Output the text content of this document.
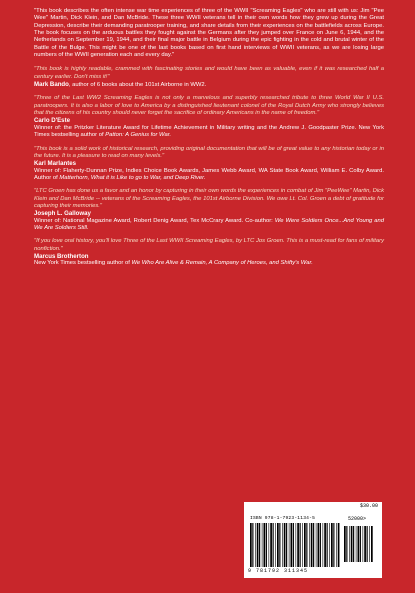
"This book describes the often intense war time experiences of three of the WWII "Screaming Eagles" who are still with us: Jim "Pee Wee" Martin, Dick Klein, and Dan McBride. These three WWII veterans tell in their own words how they grew up during the Great Depression, describe their demanding paratrooper training, and share details from their experiences on the battlefields across Europe. The book focuses on the arduous battles they fought against the Germans after they jumped over France on June 6, 1944, and the Netherlands on September 19, 1944, and their final major battle in Belgium during the epic fighting in the cold and brutal winter of the Battle of the Bulge. This might be one of the last books based on first hand interviews of WWII veterans, as we are losing large numbers of the WWII generation each and every day."

"This book is highly readable, crammed with fascinating stories and would have been as valuable, even if it was researched half a century earlier. Don't miss it!"

Mark Bando, author of 6 books about the 101st Airborne in WW2.

"Three of the Last WW2 Screaming Eagles is not only a marvelous and superbly researched tribute to three World War II U.S. paratroopers. It is also a labor of love to America by a distinguished lieutenant colonel of the Royal Dutch Army who strongly believes that the citizens of his country should never forget the sacrifice of ordinary Americans in the name of freedom."

Carlo D'Este

Winner of: the Pritzker Literature Award for Lifetime Achievement in Military writing and the Andrew J. Goodpaster Prize. New York Times bestselling author of Patton: A Genius for War.

"This book is a solid work of historical research, providing original documentation that will be of great value to any historian today or in the future. It is a pleasure to read on many levels."

Karl Marlantes

Winner of: Flaherty-Dunnan Prize, Indies Choice Book Awards, James Webb Award, WA State Book Award, William E. Colby Award. Author of Matterhorn, What it is Like to go to War, and Deep River.

"LTC Groen has done us a favor and an honor by capturing in their own words the experiences in combat of Jim "PeeWee" Martin, Dick Klein and Dan McBride -- veterans of the Screaming Eagles, the 101st Airborne Division. We owe Lt. Col. Groen a debt of gratitude for capturing their memories."

Joseph L. Galloway

Winner of: National Magazine Award, Robert Denig Award, Tex McCrary Award. Co-author: We Were Soldiers Once...And Young and We Are Soldiers Still.

"If you love oral history, you'll love Three of the Last WWII Screaming Eagles, by LTC Jos Groen. This is a must-read for fans of military nonfiction."

Marcus Brotherton

New York Times bestselling author of We Who Are Alive & Remain, A Company of Heroes, and Shifty's War.

$30.00
ISBN 978-1-7923-1134-5	52000>
9 781792 311345
